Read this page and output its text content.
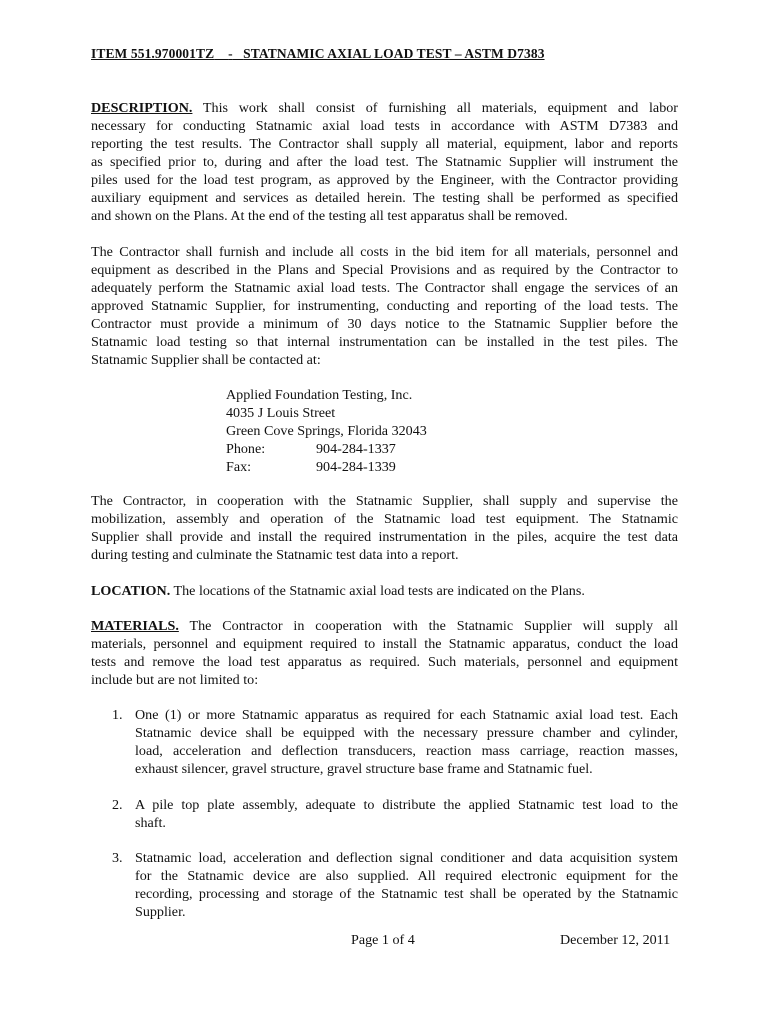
ITEM 551.970001TZ - STATNAMIC AXIAL LOAD TEST – ASTM D7383
DESCRIPTION. This work shall consist of furnishing all materials, equipment and labor
necessary for conducting Statnamic axial load tests in accordance with ASTM D7383 and
reporting the test results. The Contractor shall supply all material, equipment, labor and reports
as specified prior to, during and after the load test. The Statnamic Supplier will instrument the
piles used for the load test program, as approved by the Engineer, with the Contractor providing
auxiliary equipment and services as detailed herein. The testing shall be performed as specified
and shown on the Plans. At the end of the testing all test apparatus shall be removed.
The Contractor shall furnish and include all costs in the bid item for all materials, personnel and
equipment as described in the Plans and Special Provisions and as required by the Contractor to
adequately perform the Statnamic axial load tests. The Contractor shall engage the services of an
approved Statnamic Supplier, for instrumenting, conducting and reporting of the load tests. The
Contractor must provide a minimum of 30 days notice to the Statnamic Supplier before the
Statnamic load testing so that internal instrumentation can be installed in the test piles. The
Statnamic Supplier shall be contacted at:
Applied Foundation Testing, Inc.
4035 J Louis Street
Green Cove Springs, Florida 32043
Phone:	904-284-1337
Fax:	904-284-1339
The Contractor, in cooperation with the Statnamic Supplier, shall supply and supervise the
mobilization, assembly and operation of the Statnamic load test equipment. The Statnamic
Supplier shall provide and install the required instrumentation in the piles, acquire the test data
during testing and culminate the Statnamic test data into a report.
LOCATION. The locations of the Statnamic axial load tests are indicated on the Plans.
MATERIALS. The Contractor in cooperation with the Statnamic Supplier will supply all
materials, personnel and equipment required to install the Statnamic apparatus, conduct the load
tests and remove the load test apparatus as required. Such materials, personnel and equipment
include but are not limited to:
1. One (1) or more Statnamic apparatus as required for each Statnamic axial load test. Each
Statnamic device shall be equipped with the necessary pressure chamber and cylinder,
load, acceleration and deflection transducers, reaction mass carriage, reaction masses,
exhaust silencer, gravel structure, gravel structure base frame and Statnamic fuel.
2. A pile top plate assembly, adequate to distribute the applied Statnamic test load to the
shaft.
3. Statnamic load, acceleration and deflection signal conditioner and data acquisition system
for the Statnamic device are also supplied. All required electronic equipment for the
recording, processing and storage of the Statnamic test shall be operated by the Statnamic
Supplier.
Page 1 of 4	December 12, 2011
